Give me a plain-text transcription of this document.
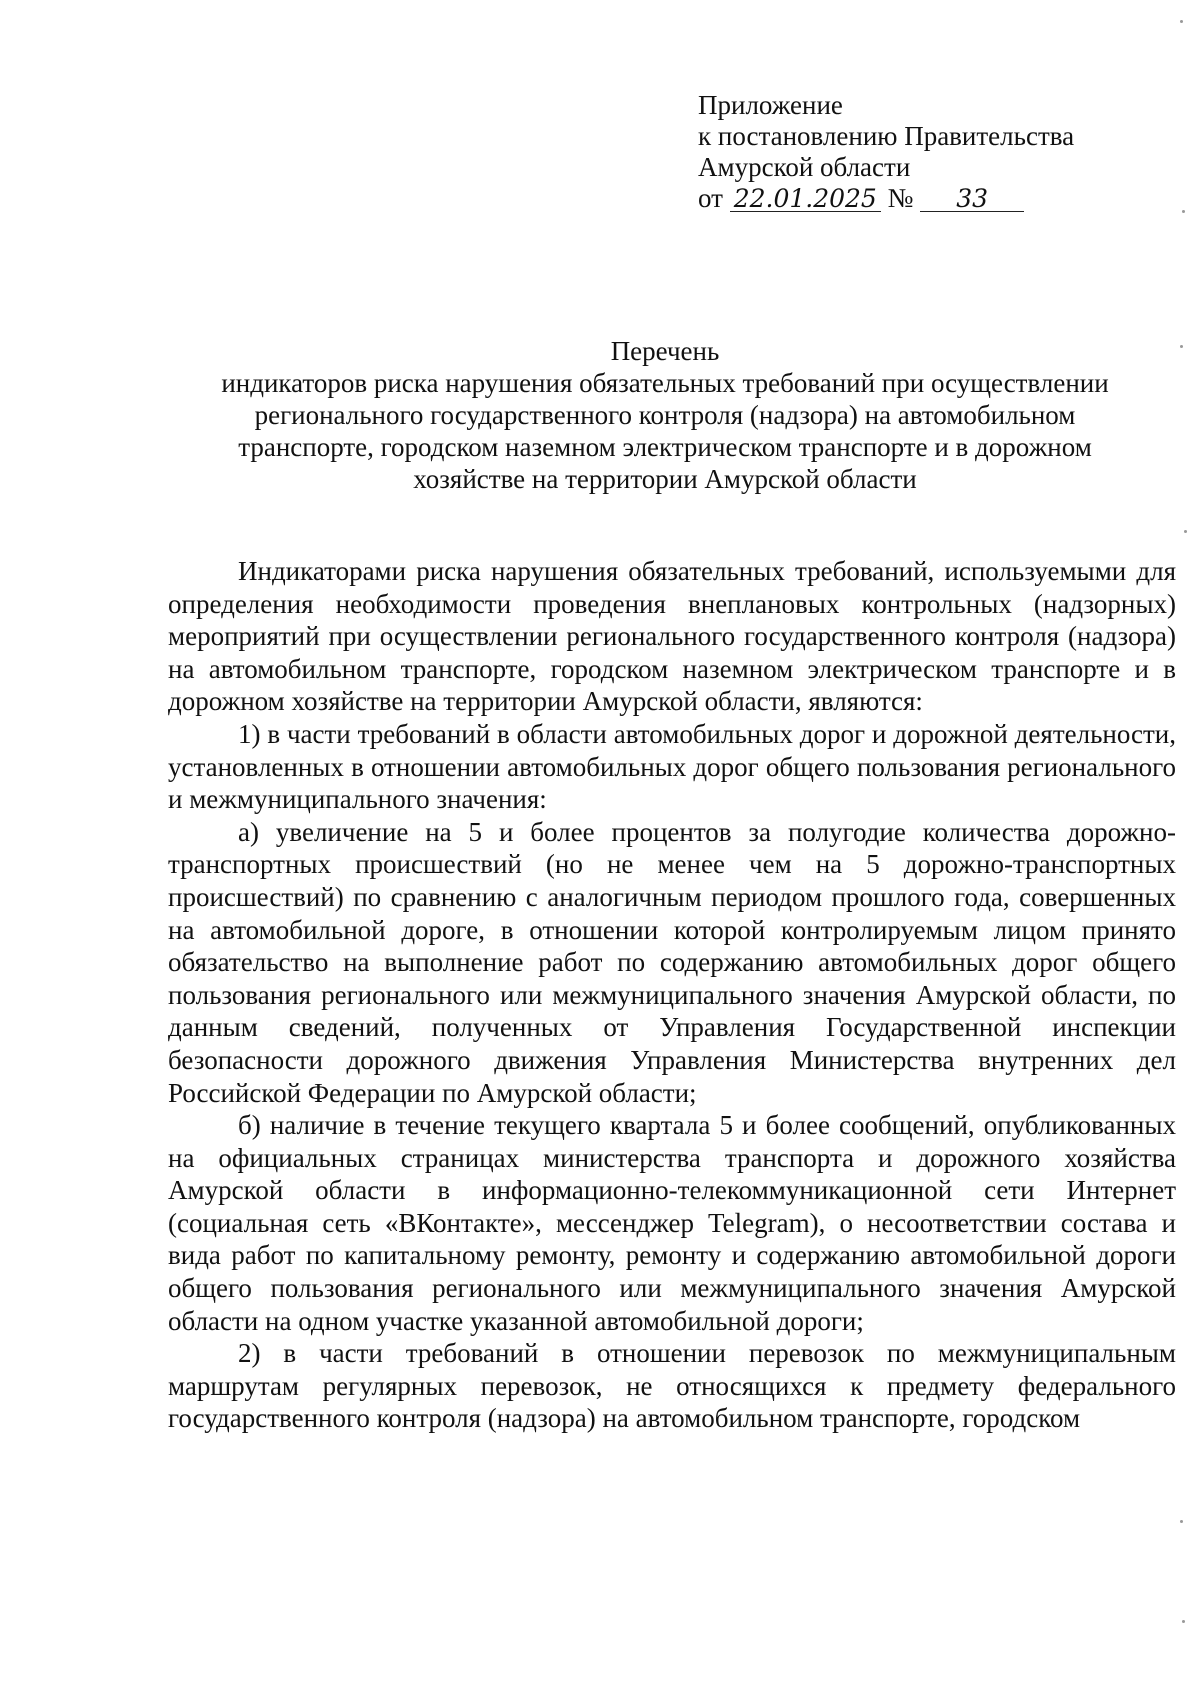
Приложение
к постановлению Правительства
Амурской области
от 22.01.2025 № 33
Перечень
индикаторов риска нарушения обязательных требований при осуществлении
регионального государственного контроля (надзора) на автомобильном
транспорте, городском наземном электрическом транспорте и в дорожном
хозяйстве на территории Амурской области

Индикаторами риска нарушения обязательных требований, используемыми для определения необходимости проведения внеплановых контрольных (надзорных) мероприятий при осуществлении регионального государственного контроля (надзора) на автомобильном транспорте, городском наземном электрическом транспорте и в дорожном хозяйстве на территории Амурской области, являются:

1) в части требований в области автомобильных дорог и дорожной деятельности, установленных в отношении автомобильных дорог общего пользования регионального и межмуниципального значения:

а) увеличение на 5 и более процентов за полугодие количества дорожно-транспортных происшествий (но не менее чем на 5 дорожно-транспортных происшествий) по сравнению с аналогичным периодом прошлого года, совершенных на автомобильной дороге, в отношении которой контролируемым лицом принято обязательство на выполнение работ по содержанию автомобильных дорог общего пользования регионального или межмуниципального значения Амурской области, по данным сведений, полученных от Управления Государственной инспекции безопасности дорожного движения Управления Министерства внутренних дел Российской Федерации по Амурской области;

б) наличие в течение текущего квартала 5 и более сообщений, опубликованных на официальных страницах министерства транспорта и дорожного хозяйства Амурской области в информационно-телекоммуникационной сети Интернет (социальная сеть «ВКонтакте», мессенджер Telegram), о несоответствии состава и вида работ по капитальному ремонту, ремонту и содержанию автомобильной дороги общего пользования регионального или межмуниципального значения Амурской области на одном участке указанной автомобильной дороги;

2) в части требований в отношении перевозок по межмуниципальным маршрутам регулярных перевозок, не относящихся к предмету федерального государственного контроля (надзора) на автомобильном транспорте, городском
